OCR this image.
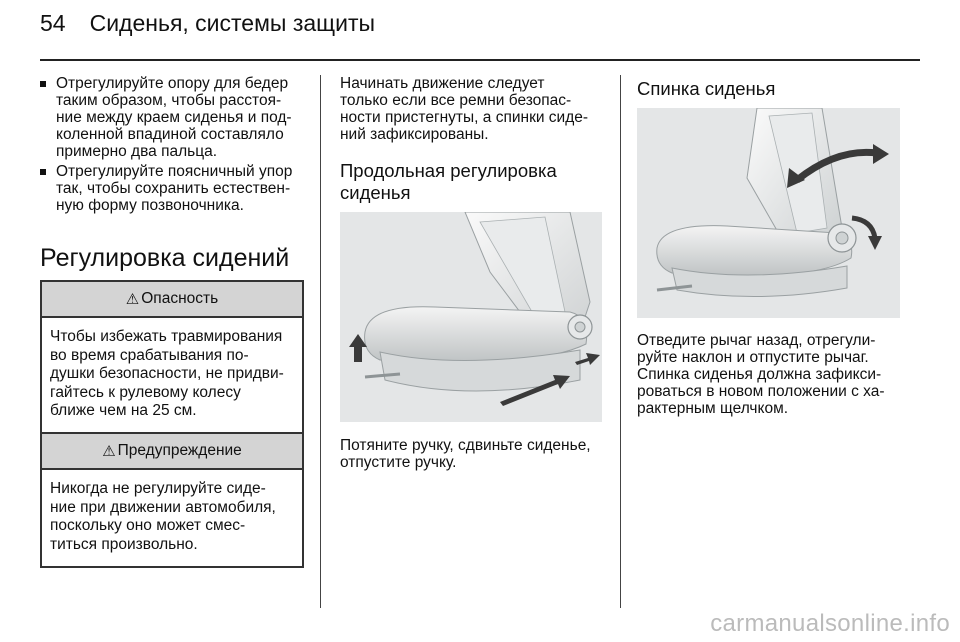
54 Сиденья, системы защиты

Отрегулируйте опору для бедер

таким образом, чтобы расстоя-

ние между краем сиденья и под-

коленной впадиной составляло

примерно два пальца.

Отрегулируйте поясничный упор

так, чтобы сохранить естествен-

ную форму позвоночника.

Регулировка сидений
⚠ Опасность

Чтобы избежать травмирования

во время срабатывания по-

душки безопасности, не придви-

гайтесь к рулевому колесу

ближе чем на 25 см.

⚠ Предупреждение

Никогда не регулируйте сиде-

ние при движении автомобиля,

поскольку оно может смес-

титься произвольно.

Начинать движение следует

только если все ремни безопас-

ности пристегнуты, а спинки сиде-

ний зафиксированы.

Продольная регулировка
сиденья

Потяните ручку, сдвиньте сиденье,

отпустите ручку.

Спинка сиденья

Отведите рычаг назад, отрегули-

руйте наклон и отпустите рычаг.

Спинка сиденья должна зафикси-

роваться в новом положении с ха-

рактерным щелчком.

carmanualsonline.info
